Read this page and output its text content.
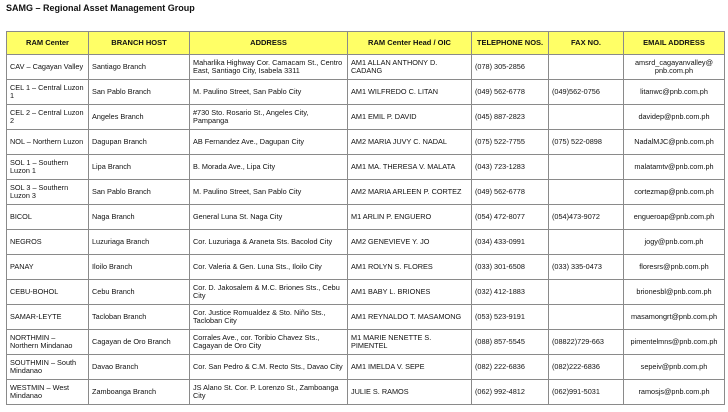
SAMG – Regional Asset Management Group
RAM Center	BRANCH HOST	ADDRESS	RAM Center Head / OIC	TELEPHONE NOS.	FAX NO.	EMAIL ADDRESS
CAV – Cagayan Valley	Santiago Branch	Maharlika Highway Cor. Camacam St., Centro East, Santiago City, Isabela 3311	AM1 ALLAN ANTHONY D. CADANG	(078) 305-2856		amsrd_cagayanvalley@ pnb.com.ph
CEL 1 – Central Luzon 1	San Pablo Branch	M. Paulino Street, San Pablo City	AM1 WILFREDO C. LITAN	(049) 562-6778	(049)562-0756	litanwc@pnb.com.ph
CEL 2 – Central Luzon 2	Angeles Branch	#730 Sto. Rosario St., Angeles City, Pampanga	AM1 EMIL P. DAVID	(045) 887-2823		davidep@pnb.com.ph
NOL – Northern Luzon	Dagupan Branch	AB Fernandez Ave., Dagupan City	AM2 MARIA JUVY C. NADAL	(075) 522-7755	(075) 522-0898	NadalMJC@pnb.com.ph
SOL 1 – Southern Luzon 1	Lipa Branch	B. Morada Ave., Lipa City	AM1 MA. THERESA V. MALATA	(043) 723-1283		malatamtv@pnb.com.ph
SOL 3 – Southern Luzon 3	San Pablo Branch	M. Paulino Street, San Pablo City	AM2 MARIA ARLEEN P. CORTEZ	(049) 562-6778		cortezmap@pnb.com.ph
BICOL	Naga Branch	General Luna St. Naga City	M1 ARLIN P. ENGUERO	(054) 472-8077	(054)473-9072	engueroap@pnb.com.ph
NEGROS	Luzuriaga Branch	Cor. Luzuriaga & Araneta Sts. Bacolod City	AM2 GENEVIEVE Y. JO	(034) 433-0991		jogy@pnb.com.ph
PANAY	Iloilo Branch	Cor. Valeria & Gen. Luna Sts., Iloilo City	AM1 ROLYN S. FLORES	(033) 301-6508	(033) 335-0473	floresrs@pnb.com.ph
CEBU-BOHOL	Cebu Branch	Cor. D. Jakosalem & M.C. Briones Sts., Cebu City	AM1 BABY L. BRIONES	(032) 412-1883		brionesbl@pnb.com.ph
SAMAR-LEYTE	Tacloban Branch	Cor. Justice Romualdez & Sto. Niño Sts., Tacloban City	AM1 REYNALDO T. MASAMONG	(053) 523-9191		masamongrt@pnb.com.ph
NORTHMIN – Northern Mindanao	Cagayan de Oro Branch	Corrales Ave., cor. Toribio Chavez Sts., Cagayan de Oro City	M1 MARIE NENETTE S. PIMENTEL	(088) 857-5545	(08822)729-663	pimentelmns@pnb.com.ph
SOUTHMIN – South Mindanao	Davao Branch	Cor. San Pedro & C.M. Recto Sts., Davao City	AM1 IMELDA V. SEPE	(082) 222-6836	(082)222-6836	sepeiv@pnb.com.ph
WESTMIN – West Mindanao	Zamboanga Branch	JS Alano St. Cor. P. Lorenzo St., Zamboanga City	JULIE S. RAMOS	(062) 992-4812	(062)991-5031	ramosjs@pnb.com.ph
